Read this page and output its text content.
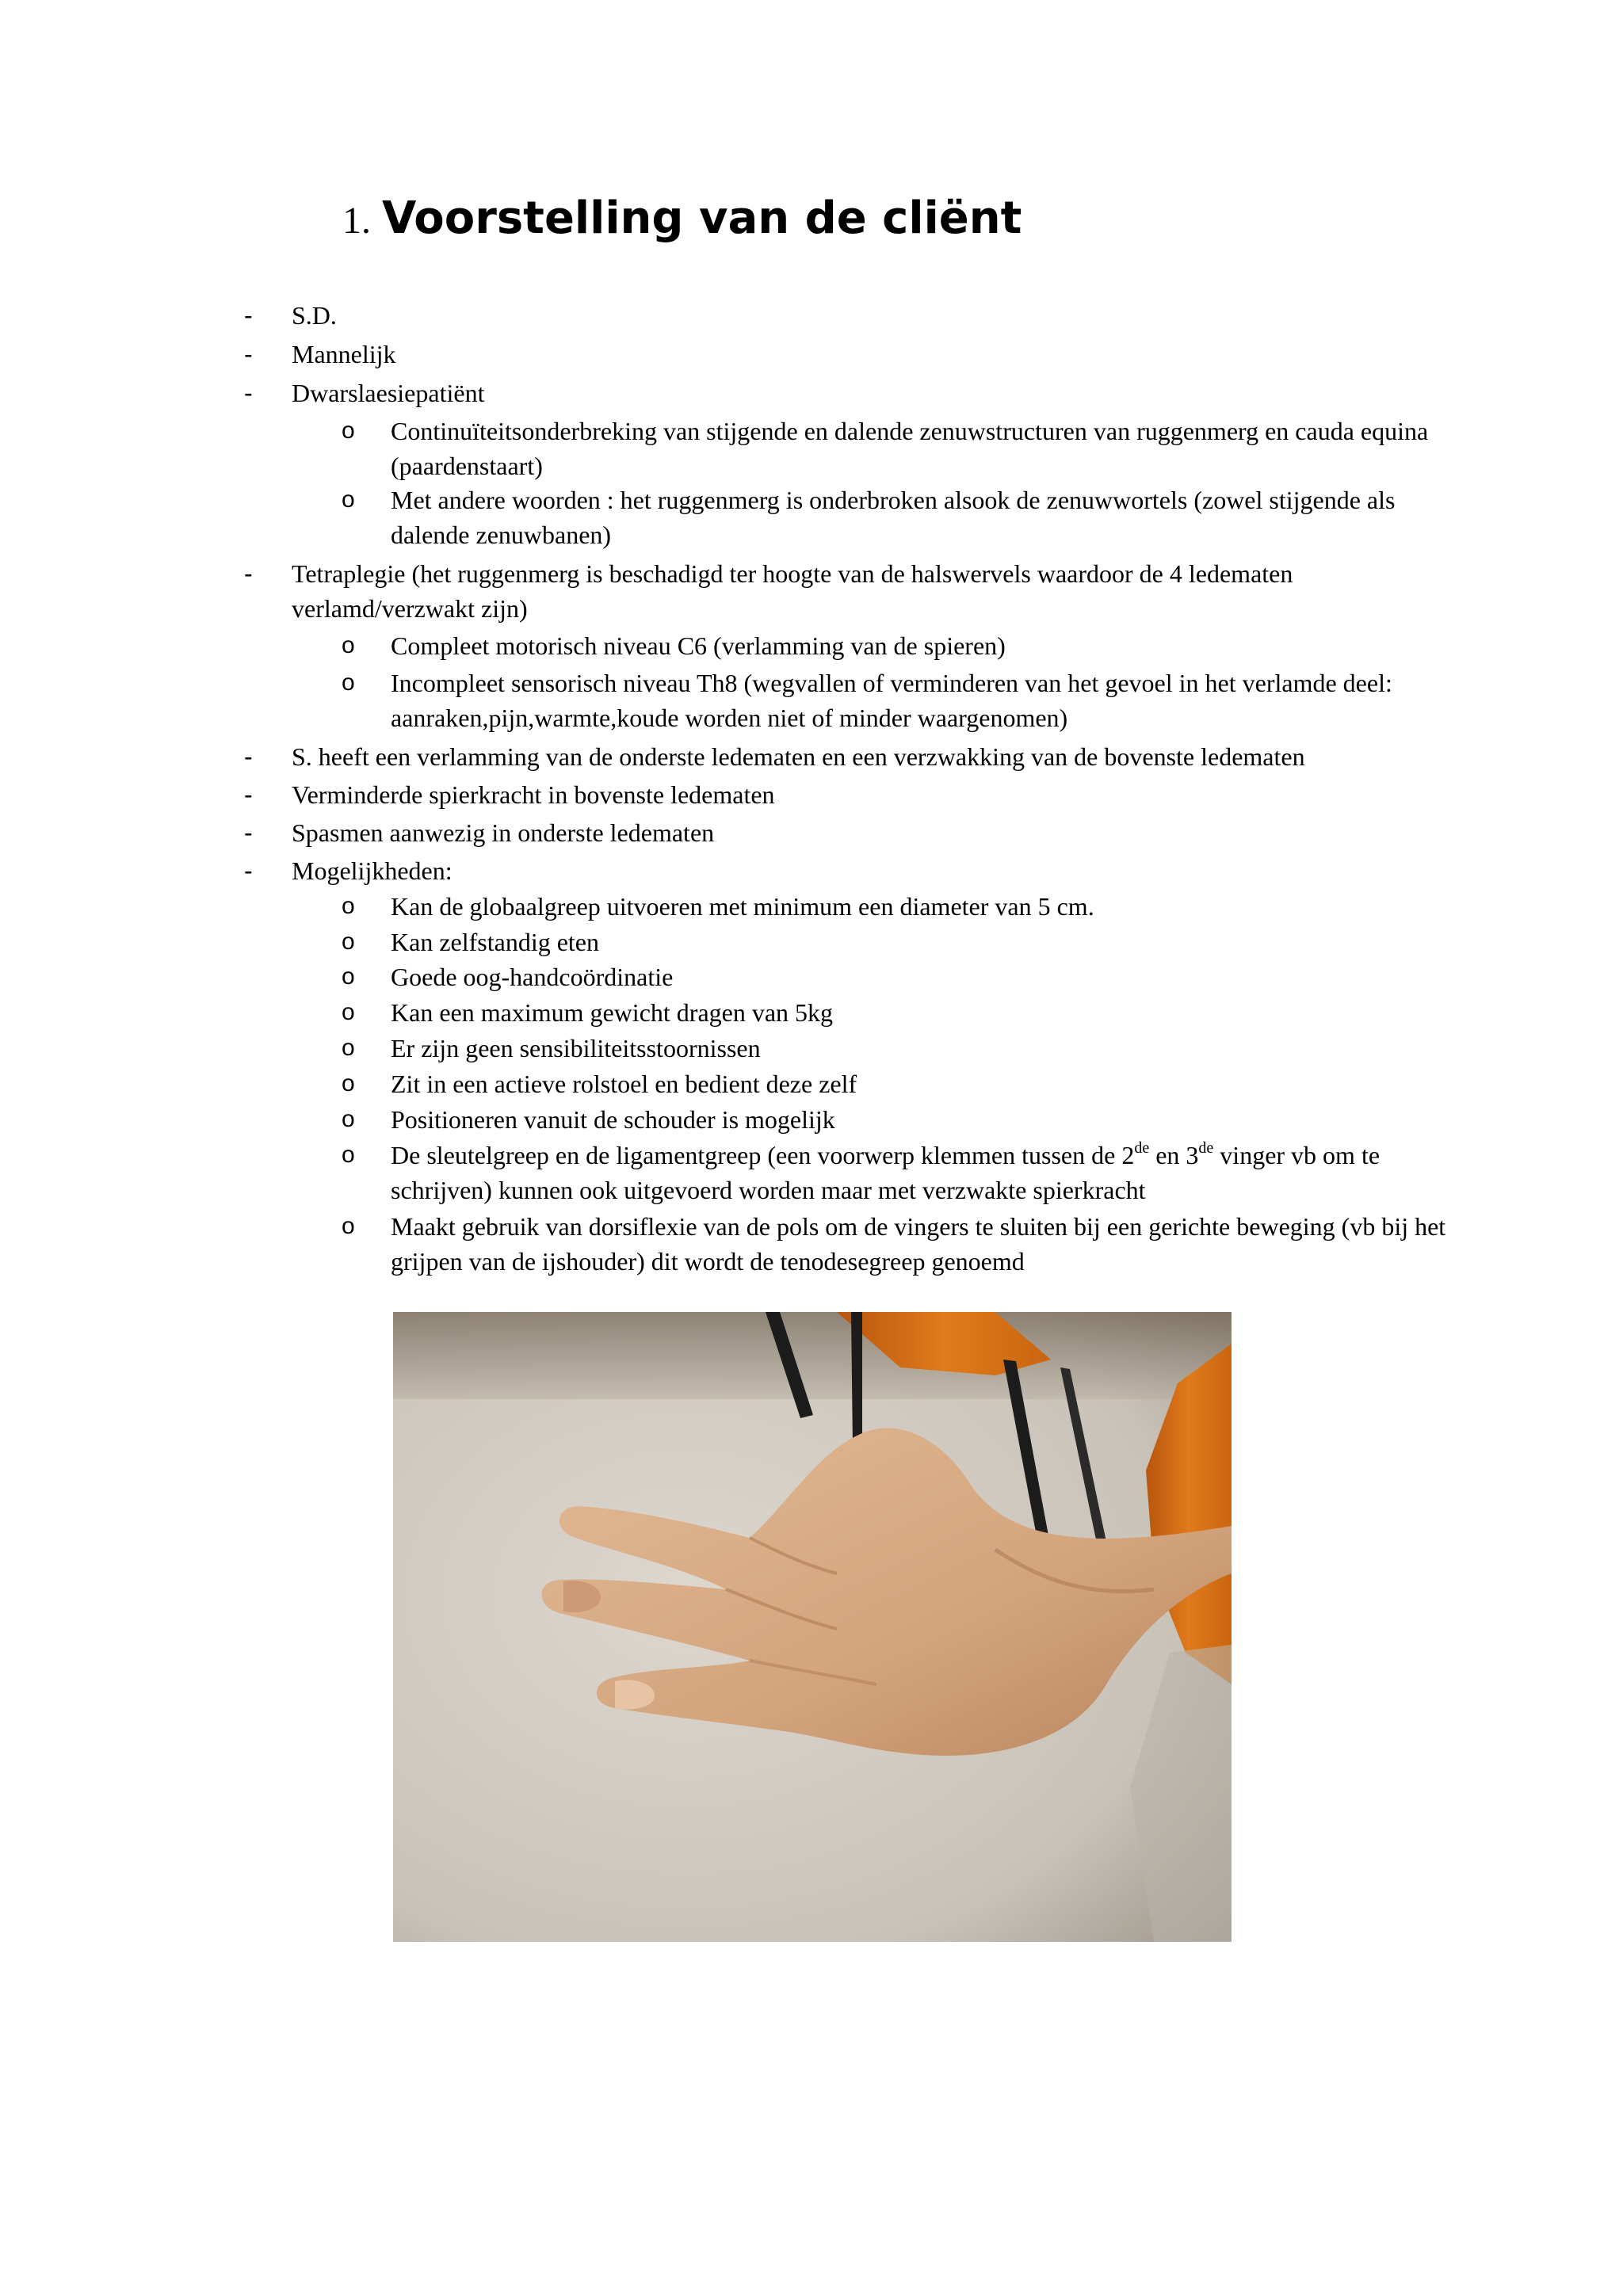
1. Voorstelling van de cliënt
- S.D.
- Mannelijk
- Dwarslaesiepatiënt
o Continuïteitsonderbreking van stijgende en dalende zenuwstructuren van ruggenmerg en cauda equina (paardenstaart)
o Met andere woorden : het ruggenmerg is onderbroken alsook de zenuwwortels (zowel stijgende als dalende zenuwbanen)
- Tetraplegie (het ruggenmerg is beschadigd ter hoogte van de halswervels waardoor de 4 ledematen verlamd/verzwakt zijn)
o Compleet motorisch niveau C6 (verlamming van de spieren)
o Incompleet sensorisch niveau Th8 (wegvallen of verminderen van het gevoel in het verlamde deel: aanraken,pijn,warmte,koude worden niet of minder waargenomen)
- S. heeft een verlamming van de onderste ledematen en een verzwakking van de bovenste ledematen
- Verminderde spierkracht in bovenste ledematen
- Spasmen aanwezig in onderste ledematen
- Mogelijkheden:
o Kan de globaalgreep uitvoeren met minimum een diameter van 5 cm.
o Kan zelfstandig eten
o Goede oog-handcoördinatie
o Kan een maximum gewicht dragen van 5kg
o Er zijn geen sensibiliteitsstoornissen
o Zit in een actieve rolstoel en bedient deze zelf
o Positioneren vanuit de schouder is mogelijk
o De sleutelgreep en de ligamentgreep (een voorwerp klemmen tussen de 2de en 3de vinger vb om te schrijven) kunnen ook uitgevoerd worden maar met verzwakte spierkracht
o Maakt gebruik van dorsiflexie van de pols om de vingers te sluiten bij een gerichte beweging (vb bij het grijpen van de ijshouder) dit wordt de tenodesegreep genoemd
